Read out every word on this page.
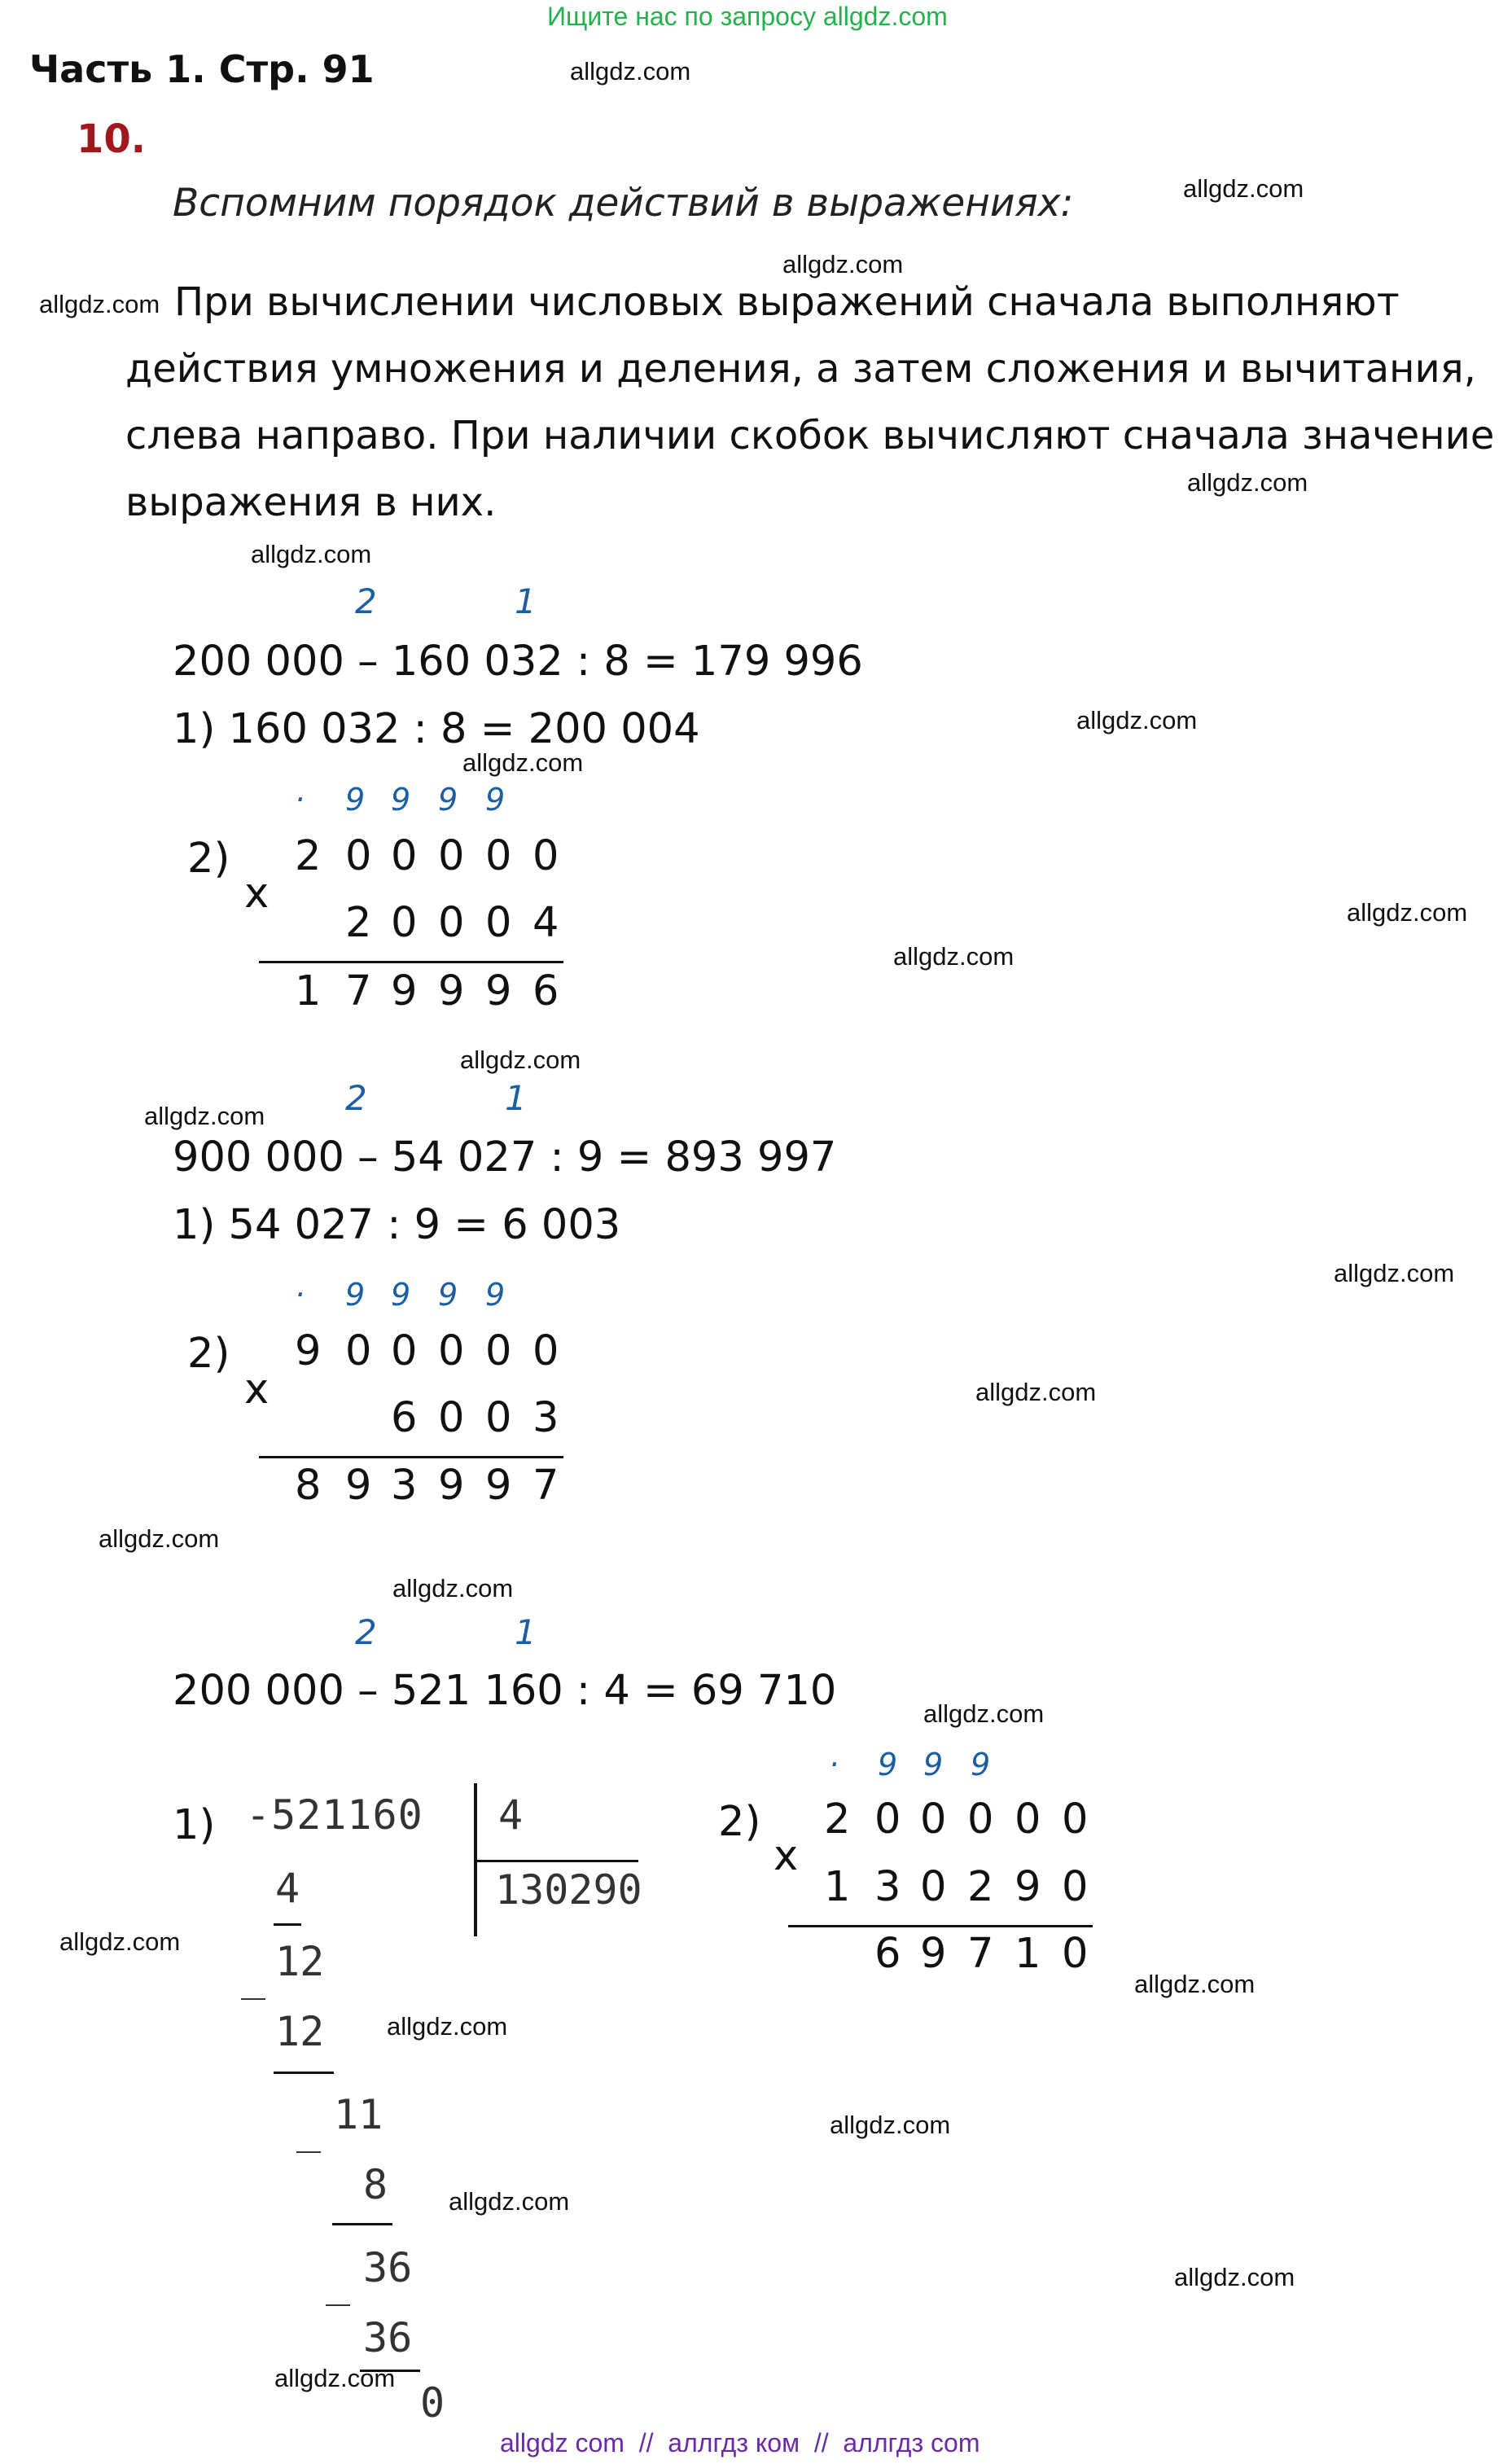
Ищите нас по запросу allgdz.com
Часть 1. Стр. 91
10.
Вспомним порядок действий в выражениях:
При вычислении числовых выражений сначала выполняют
действия умножения и деления, а затем сложения и вычитания,
слева направо. При наличии скобок вычисляют сначала значение
выражения в них.
2	1
200 000 – 160 032 : 8 = 179 996
1) 160 032 : 8 = 200 004
2)
x
· 9 9 9 9
2 0 0 0 0 0
2 0 0 0 4
1 7 9 9 9 6
2	1
900 000 – 54 027 : 9 = 893 997
1) 54 027 : 9 = 6 003
2)
x
· 9 9 9 9
9 0 0 0 0 0
6 0 0 3
8 9 3 9 9 7
2	1
200 000 – 521 160 : 4 = 69 710
1) -521160 4
130290
4
_ 12
12
_ 11
8
_ 36
36
0
2)
x
· 9 9 9
2 0 0 0 0 0
1 3 0 2 9 0
6 9 7 1 0
allgdz.com
allgdz.com
allgdz.com
allgdz.com
allgdz.com
allgdz.com
allgdz.com
allgdz.com
allgdz.com
allgdz.com
allgdz.com
allgdz.com
allgdz.com
allgdz.com
allgdz.com
allgdz.com
allgdz.com
allgdz.com
allgdz.com
allgdz.com
allgdz.com
allgdz.com
allgdz.com
allgdz.com
allgdz com  //  аллгдз ком  //  аллгдз com
